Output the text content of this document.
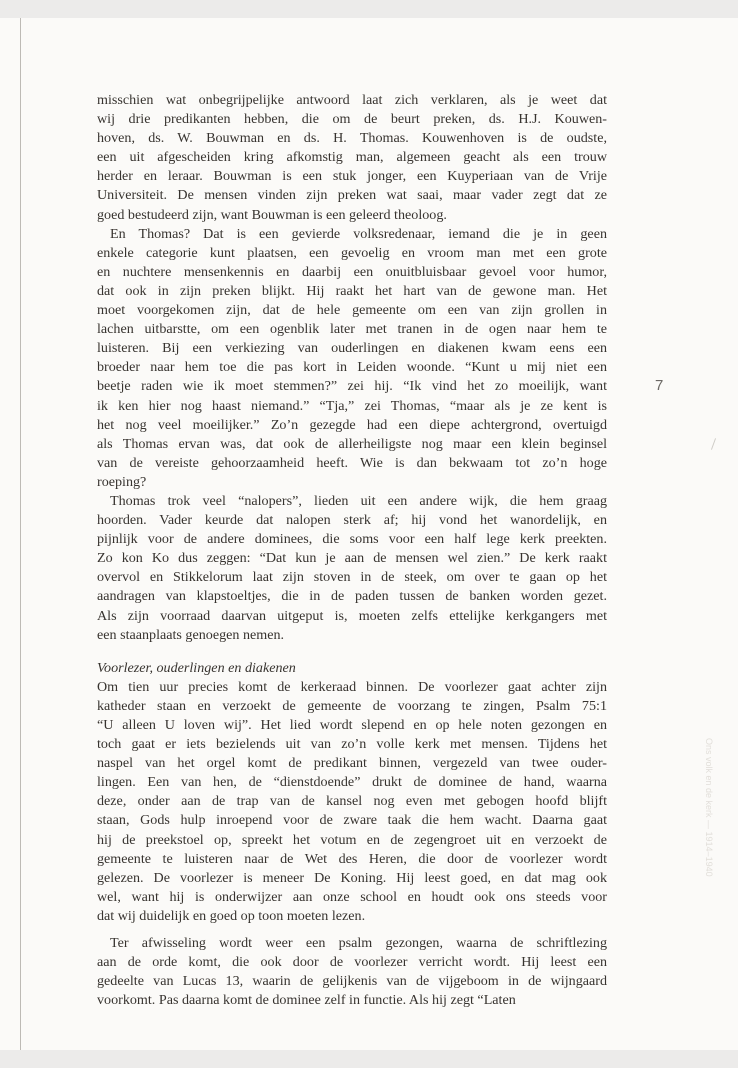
misschien wat onbegrijpelijke antwoord laat zich verklaren, als je weet dat
wij drie predikanten hebben, die om de beurt preken, ds. H.J. Kouwen-
hoven, ds. W. Bouwman en ds. H. Thomas. Kouwenhoven is de oudste,
een uit afgescheiden kring afkomstig man, algemeen geacht als een trouw
herder en leraar. Bouwman is een stuk jonger, een Kuyperiaan van de Vrije
Universiteit. De mensen vinden zijn preken wat saai, maar vader zegt dat ze
goed bestudeerd zijn, want Bouwman is een geleerd theoloog.

En Thomas? Dat is een gevierde volksredenaar, iemand die je in geen
enkele categorie kunt plaatsen, een gevoelig en vroom man met een grote
en nuchtere mensenkennis en daarbij een onuitbluisbaar gevoel voor humor,
dat ook in zijn preken blijkt. Hij raakt het hart van de gewone man. Het
moet voorgekomen zijn, dat de hele gemeente om een van zijn grollen in
lachen uitbarstte, om een ogenblik later met tranen in de ogen naar hem te
luisteren. Bij een verkiezing van ouderlingen en diakenen kwam eens een
broeder naar hem toe die pas kort in Leiden woonde. “Kunt u mij niet een
beetje raden wie ik moet stemmen?” zei hij. “Ik vind het zo moeilijk, want
ik ken hier nog haast niemand.” “Tja,” zei Thomas, “maar als je ze kent is
het nog veel moeilijker.” Zo’n gezegde had een diepe achtergrond, overtuigd
als Thomas ervan was, dat ook de allerheiligste nog maar een klein beginsel
van de vereiste gehoorzaamheid heeft. Wie is dan bekwaam tot zo’n hoge
roeping?

Thomas trok veel “nalopers”, lieden uit een andere wijk, die hem graag
hoorden. Vader keurde dat nalopen sterk af; hij vond het wanordelijk, en
pijnlijk voor de andere dominees, die soms voor een half lege kerk preekten.
Zo kon Ko dus zeggen: “Dat kun je aan de mensen wel zien.” De kerk raakt
overvol en Stikkelorum laat zijn stoven in de steek, om over te gaan op het
aandragen van klapstoeltjes, die in de paden tussen de banken worden gezet.
Als zijn voorraad daarvan uitgeput is, moeten zelfs ettelijke kerkgangers met
een staanplaats genoegen nemen.

Voorlezer, ouderlingen en diakenen

Om tien uur precies komt de kerkeraad binnen. De voorlezer gaat achter zijn
katheder staan en verzoekt de gemeente de voorzang te zingen, Psalm 75:1
“U alleen U loven wij”. Het lied wordt slepend en op hele noten gezongen en
toch gaat er iets bezielends uit van zo’n volle kerk met mensen. Tijdens het
naspel van het orgel komt de predikant binnen, vergezeld van twee ouder-
lingen. Een van hen, de “dienstdoende” drukt de dominee de hand, waarna
deze, onder aan de trap van de kansel nog even met gebogen hoofd blijft
staan, Gods hulp inroepend voor de zware taak die hem wacht. Daarna gaat
hij de preekstoel op, spreekt het votum en de zegengroet uit en verzoekt de
gemeente te luisteren naar de Wet des Heren, die door de voorlezer wordt
gelezen. De voorlezer is meneer De Koning. Hij leest goed, en dat mag ook
wel, want hij is onderwijzer aan onze school en houdt ook ons steeds voor
dat wij duidelijk en goed op toon moeten lezen.

Ter afwisseling wordt weer een psalm gezongen, waarna de schriftlezing
aan de orde komt, die ook door de voorlezer verricht wordt. Hij leest een
gedeelte van Lucas 13, waarin de gelijkenis van de vijgeboom in de wijngaard
voorkomt. Pas daarna komt de dominee zelf in functie. Als hij zegt “Laten

7
Ons volk en de kerk — 1914–1940
